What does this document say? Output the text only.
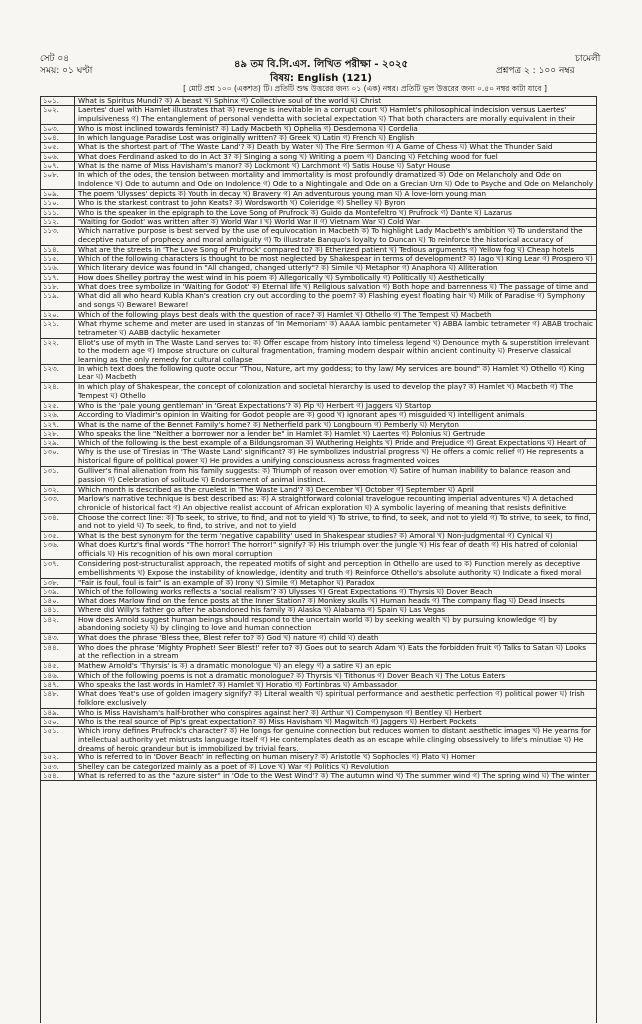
সেট ০৪
সময়: ০১ ঘণ্টা
৪৯ তম বি.সি.এস. লিখিত পরীক্ষা - ২০২৫
বিষয়: English (121)
চামেলী
প্রশ্নপত্র ২ : ১০০ নম্বর
[ মোট প্রশ্ন ১০০ (একশত) টি। প্রতিটি শুদ্ধ উত্তরের জন্য ০১ (এক) নম্বর। প্রতিটি ভুল উত্তরের জন্য ০.৫০ নম্বর কাটা যাবে ]
১০১.	What is Spiritus Mundi? ক) A beast খ) Sphinx গ) Collective soul of the world ঘ) Christ
১০২.	Laertes' duel with Hamlet illustrates that ক) revenge is inevitable in a corrupt court খ) Hamlet's philosophical indecision versus Laertes' impulsiveness গ) The entanglement of personal vendetta with societal expectation ঘ) That both characters are morally equivalent in their
১০৩.	Who is most inclined towards feminist? ক) Lady Macbeth খ) Ophelia গ) Desdemona ঘ) Cordelia
১০৪.	In which language Paradise Lost was originally written? ক) Greek খ) Latin গ) French ঘ) English
১০৫.	What is the shortest part of 'The Waste Land'? ক) Death by Water খ) The Fire Sermon গ) A Game of Chess ঘ) What the Thunder Said
১০৬.	What does Ferdinand asked to do in Act 3? ক) Singing a song খ) Writing a poem গ) Dancing ঘ) Fetching wood for fuel
১০৭.	What is the name of Miss Havisham's manor? ক) Lockmont খ) Larchmont গ) Satis House ঘ) Satyr House
১০৮.	In which of the odes, the tension between mortality and immortality is most profoundly dramatized ক) Ode on Melancholy and Ode on Indolence খ) Ode to autumn and Ode on Indolence গ) Ode to a Nightingale and Ode on a Grecian Urn ঘ) Ode to Psyche and Ode on Melancholy
১০৯.	The poem 'Ulysses' depicts ক) Youth in decay খ) Bravery গ) An adventurous young man ঘ) A love-lorn young man
১১০.	Who is the starkest contrast to John Keats? ক) Wordsworth খ) Coleridge গ) Shelley ঘ) Byron
১১১.	Who is the speaker in the epigraph to the Love Song of Prufrock ক) Guido da Montefeltro খ) Prufrock গ) Dante ঘ) Lazarus
১১২.	'Waiting for Godot' was written after ক) World War I খ) World War II গ) Vietnam War ঘ) Cold War
১১৩.	Which narrative purpose is best served by the use of equivocation in Macbeth ক) To highlight Lady Macbeth's ambition খ) To understand the deceptive nature of prophecy and moral ambiguity গ) To illustrate Banquo's loyalty to Duncan ঘ) To reinforce the historical accuracy of
১১৪.	What are the streets in 'The Love Song of Prufrock' compared to? ক) Etherized patient খ) Tedious arguments গ) Yellow fog ঘ) Cheap hotels
১১৫.	Which of the following characters is thought to be most neglected by Shakespear in terms of development? ক) Iago খ) King Lear গ) Prospero ঘ)
১১৬.	Which literary device was found in "All changed, changed utterly"? ক) Simile খ) Metaphor গ) Anaphora ঘ) Alliteration
১১৭.	How does Shelley portray the west wind in his poem ক) Allegorically খ) Symbolically গ) Politically ঘ) Aesthetically
১১৮.	What does tree symbolize in 'Waiting for Godot' ক) Eternal life খ) Religious salvation গ) Both hope and barrenness ঘ) The passage of time and
১১৯.	What did all who heard Kubla Khan's creation cry out according to the poem? ক) Flashing eyes! floating hair খ) Milk of Paradise গ) Symphony and songs ঘ) Beware! Beware!
১২০.	Which of the following plays best deals with the question of race? ক) Hamlet খ) Othello গ) The Tempest ঘ) Macbeth
১২১.	What rhyme scheme and meter are used in stanzas of 'In Memoriam' ক) AAAA iambic pentameter খ) ABBA iambic tetrameter গ) ABAB trochaic tetrameter ঘ) AABB dactylic hexameter
১২২.	Eliot's use of myth in The Waste Land serves to: ক) Offer escape from history into timeless legend খ) Denounce myth & superstition irrelevant to the modern age গ) Impose structure on cultural fragmentation, framing modern despair within ancient continuity ঘ) Preserve classical learning as the only remedy for cultural collapse
১২৩.	In which text does the following quote occur "Thou, Nature, art my goddess; to thy law/ My services are bound" ক) Hamlet খ) Othello গ) King Lear ঘ) Macbeth
১২৪.	In which play of Shakespear, the concept of colonization and societal hierarchy is used to develop the play? ক) Hamlet খ) Macbeth গ) The Tempest ঘ) Othello
১২৫.	Who is the 'pale young gentleman' in 'Great Expectations'? ক) Pip খ) Herbert গ) Jaggers ঘ) Startop
১২৬.	According to Vladimir's opinion in Waiting for Godot people are ক) good খ) ignorant apes গ) misguided ঘ) intelligent animals
১২৭.	What is the name of the Bennet Family's home? ক) Netherfield park খ) Longbourn গ) Pemberly ঘ) Meryton
১২৮.	Who speaks the line "Neither a borrower nor a lender be" in Hamlet ক) Hamlet খ) Laertes গ) Polonius ঘ) Gertrude
১২৯.	Which of the following is the best example of a Bildungsroman ক) Wuthering Heights খ) Pride and Prejudice গ) Great Expectations ঘ) Heart of
১৩০.	Why is the use of Tiresias in 'The Waste Land' significant? ক) He symbolizes industrial progress খ) He offers a comic relief গ) He represents a historical figure of political power ঘ) He provides a unifying consciousness across fragmented voices
১৩১.	Gulliver's final alienation from his family suggests: ক) Triumph of reason over emotion খ) Satire of human inability to balance reason and passion গ) Celebration of solitude ঘ) Endorsement of animal instinct.
১৩২.	Which month is described as the cruelest in 'The Waste Land'? ক) December খ) October গ) September ঘ) April
১৩৩.	Marlow's narrative technique is best described as: ক) A straightforward colonial travelogue recounting imperial adventures খ) A detached chronicle of historical fact গ) An objective realist account of African exploration ঘ) A symbolic layering of meaning that resists definitive
১৩৪.	Choose the correct line: ক) To seek, to strive, to find, and not to yield খ) To strive, to find, to seek, and not to yield গ) To strive, to seek, to find, and not to yield ঘ) To seek, to find, to strive, and not to yield
১৩৫.	What is the best synonym for the term 'negative capability' used in Shakespear studies? ক) Amoral খ) Non-judgmental গ) Cynical ঘ)
১৩৬.	What does Kurtz's final words "The horror! The horror!" signify? ক) His triumph over the jungle খ) His fear of death গ) His hatred of colonial officials ঘ) His recognition of his own moral corruption
১৩৭.	Considering post-structuralist approach, the repeated motifs of sight and perception in Othello are used to ক) Function merely as deceptive embellishments খ) Expose the instability of knowledge, identity and truth গ) Reinforce Othello's absolute authority ঘ) Indicate a fixed moral
১৩৮.	"Fair is foul, foul is fair" is an example of ক) Irony খ) Simile গ) Metaphor ঘ) Paradox
১৩৯.	Which of the following works reflects a 'social realism'? ক) Ulysses খ) Great Expectations গ) Thyrsis ঘ) Dover Beach
১৪০.	What does Marlow find on the fence posts at the Inner Station? ক) Monkey skulls খ) Human heads গ) The company flag ঘ) Dead insects
১৪১.	Where did Willy's father go after he abandoned his family ক) Alaska খ) Alabama গ) Spain ঘ) Las Vegas
১৪২.	How does Arnold suggest human beings should respond to the uncertain world ক) by seeking wealth খ) by pursuing knowledge গ) by abandoning society ঘ) by clinging to love and human connection
১৪৩.	What does the phrase 'Bless thee, Blest refer to? ক) God খ) nature গ) child ঘ) death
১৪৪.	Who does the phrase 'Mighty Prophet! Seer Blest!' refer to? ক) Goes out to search Adam খ) Eats the forbidden fruit গ) Talks to Satan ঘ) Looks at the reflection in a stream
১৪৫.	Mathew Arnold's 'Thyrsis' is ক) a dramatic monologue খ) an elegy গ) a satire ঘ) an epic
১৪৬.	Which of the following poems is not a dramatic monologue? ক) Thyrsis খ) Tithonus গ) Dover Beach ঘ) The Lotus Eaters
১৪৭.	Who speaks the last words in Hamlet? ক) Hamlet খ) Horatio গ) Fortinbras ঘ) Ambassador
১৪৮.	What does Yeat's use of golden imagery signify? ক) Literal wealth খ) spiritual performance and aesthetic perfection গ) political power ঘ) Irish folklore exclusively
১৪৯.	Who is Miss Havisham's half-brother who conspires against her? ক) Arthur খ) Compenyson গ) Bentley ঘ) Herbert
১৫০.	Who is the real source of Pip's great expectation? ক) Miss Havisham খ) Magwitch গ) Jaggers ঘ) Herbert Pockets
১৫১.	Which irony defines Prufrock's character? ক) He longs for genuine connection but reduces women to distant aesthetic images খ) He yearns for intellectual authority yet mistrusts language itself গ) He contemplates death as an escape while clinging obsessively to life's minutiae ঘ) He dreams of heroic grandeur but is immobilized by trivial fears.
১৫২.	Who is referred to in 'Dover Beach' in reflecting on human misery? ক) Aristotle খ) Sophocles গ) Plato ঘ) Homer
১৫৩.	Shelley can be categorized mainly as a poet of ক) Love খ) War গ) Politics ঘ) Revolution
১৫৪.	What is referred to as the "azure sister" in 'Ode to the West Wind'? ক) The autumn wind খ) The summer wind গ) The spring wind ঘ) The winter
